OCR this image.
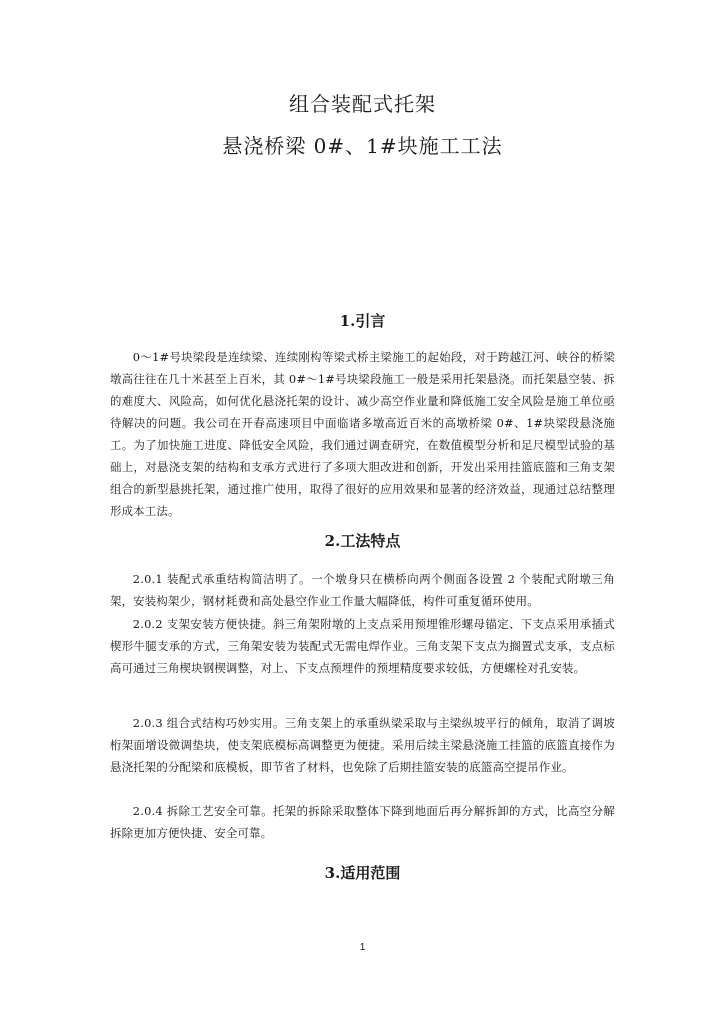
组合装配式托架
悬浇桥梁 0#、1#块施工工法
1.引言

0～1#号块梁段是连续梁、连续刚构等梁式桥主梁施工的起始段，对于跨越江河、峡谷的桥梁墩高往往在几十米甚至上百米，其 0#～1#号块梁段施工一般是采用托架悬浇。而托架悬空装、拆的难度大、风险高，如何优化悬浇托架的设计、减少高空作业量和降低施工安全风险是施工单位亟待解决的问题。我公司在开春高速项目中面临诸多墩高近百米的高墩桥梁 0#、1#块梁段悬浇施工。为了加快施工进度、降低安全风险，我们通过调查研究，在数值模型分析和足尺模型试验的基础上，对悬浇支架的结构和支承方式进行了多项大胆改进和创新，开发出采用挂篮底篮和三角支架组合的新型悬挑托架，通过推广使用，取得了很好的应用效果和显著的经济效益，现通过总结整理形成本工法。

2.工法特点

2.0.1 装配式承重结构简洁明了。一个墩身只在横桥向两个侧面各设置 2 个装配式附墩三角架，安装构架少，钢材耗费和高处悬空作业工作量大幅降低，构件可重复循环使用。

2.0.2 支架安装方便快捷。斜三角架附墩的上支点采用预埋锥形螺母锚定、下支点采用承插式楔形牛腿支承的方式，三角架安装为装配式无需电焊作业。三角支架下支点为搁置式支承，支点标高可通过三角楔块钢楔调整，对上、下支点预埋件的预埋精度要求较低，方便螺栓对孔安装。

2.0.3 组合式结构巧妙实用。三角支架上的承重纵梁采取与主梁纵坡平行的倾角，取消了调坡桁架面增设微调垫块，使支架底模标高调整更为便捷。采用后续主梁悬浇施工挂篮的底篮直接作为悬浇托架的分配梁和底模板，即节省了材料，也免除了后期挂篮安装的底篮高空提吊作业。

2.0.4 拆除工艺安全可靠。托架的拆除采取整体下降到地面后再分解拆卸的方式，比高空分解拆除更加方便快捷、安全可靠。

3.适用范围
1
